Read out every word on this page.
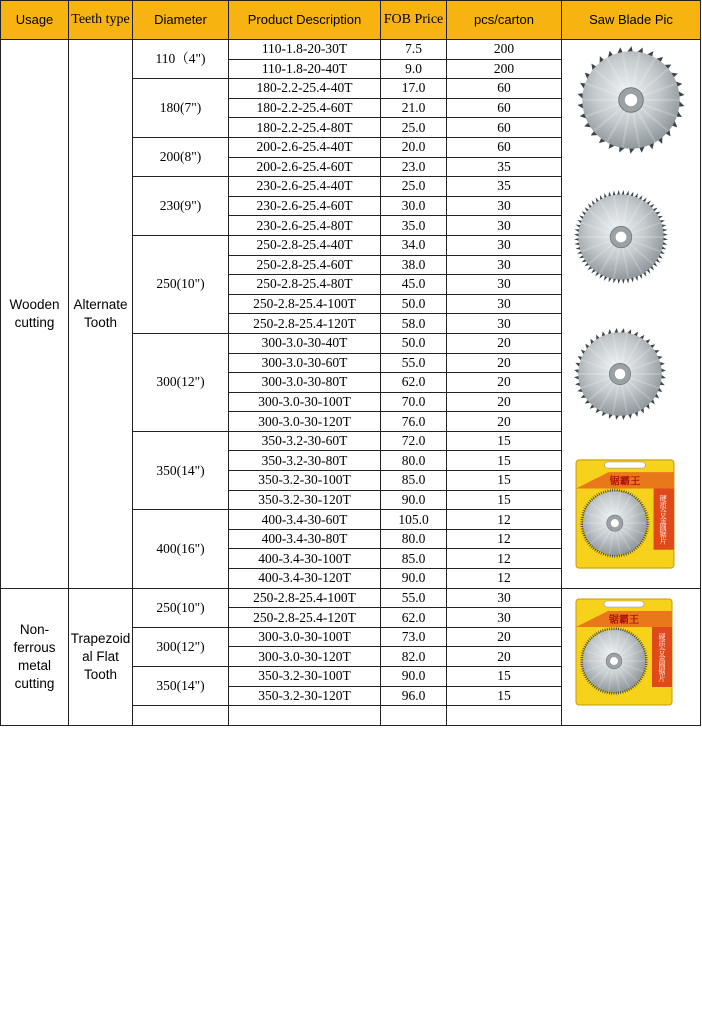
Usage	Teeth type	Diameter	Product Description	FOB Price	pcs/carton	Saw Blade Pic
Wooden cutting	Alternate Tooth	110（4")	110-1.8-20-30T	7.5	200	锯霸王
硬质合金圆锯片

			110-1.8-20-40T	9.0	200	
		180(7")	180-2.2-25.4-40T	17.0	60	
			180-2.2-25.4-60T	21.0	60	
			180-2.2-25.4-80T	25.0	60	
		200(8")	200-2.6-25.4-40T	20.0	60	
			200-2.6-25.4-60T	23.0	35	
		230(9")	230-2.6-25.4-40T	25.0	35	
			230-2.6-25.4-60T	30.0	30	
			230-2.6-25.4-80T	35.0	30	
		250(10")	250-2.8-25.4-40T	34.0	30	
			250-2.8-25.4-60T	38.0	30	
			250-2.8-25.4-80T	45.0	30	
			250-2.8-25.4-100T	50.0	30	
			250-2.8-25.4-120T	58.0	30	
		300(12")	300-3.0-30-40T	50.0	20	
			300-3.0-30-60T	55.0	20	
			300-3.0-30-80T	62.0	20	
			300-3.0-30-100T	70.0	20	
			300-3.0-30-120T	76.0	20	
		350(14")	350-3.2-30-60T	72.0	15	
			350-3.2-30-80T	80.0	15	
			350-3.2-30-100T	85.0	15	
			350-3.2-30-120T	90.0	15	
		400(16")	400-3.4-30-60T	105.0	12	
			400-3.4-30-80T	80.0	12	
			400-3.4-30-100T	85.0	12	
			400-3.4-30-120T	90.0	12	
Non-ferrous metal cutting	Trapezoid al Flat Tooth	250(10")	250-2.8-25.4-100T	55.0	30	锯霸王
硬质合金圆锯片

			250-2.8-25.4-120T	62.0	30	
		300(12")	300-3.0-30-100T	73.0	20	
			300-3.0-30-120T	82.0	20	
		350(14")	350-3.2-30-100T	90.0	15	
			350-3.2-30-120T	96.0	15	
